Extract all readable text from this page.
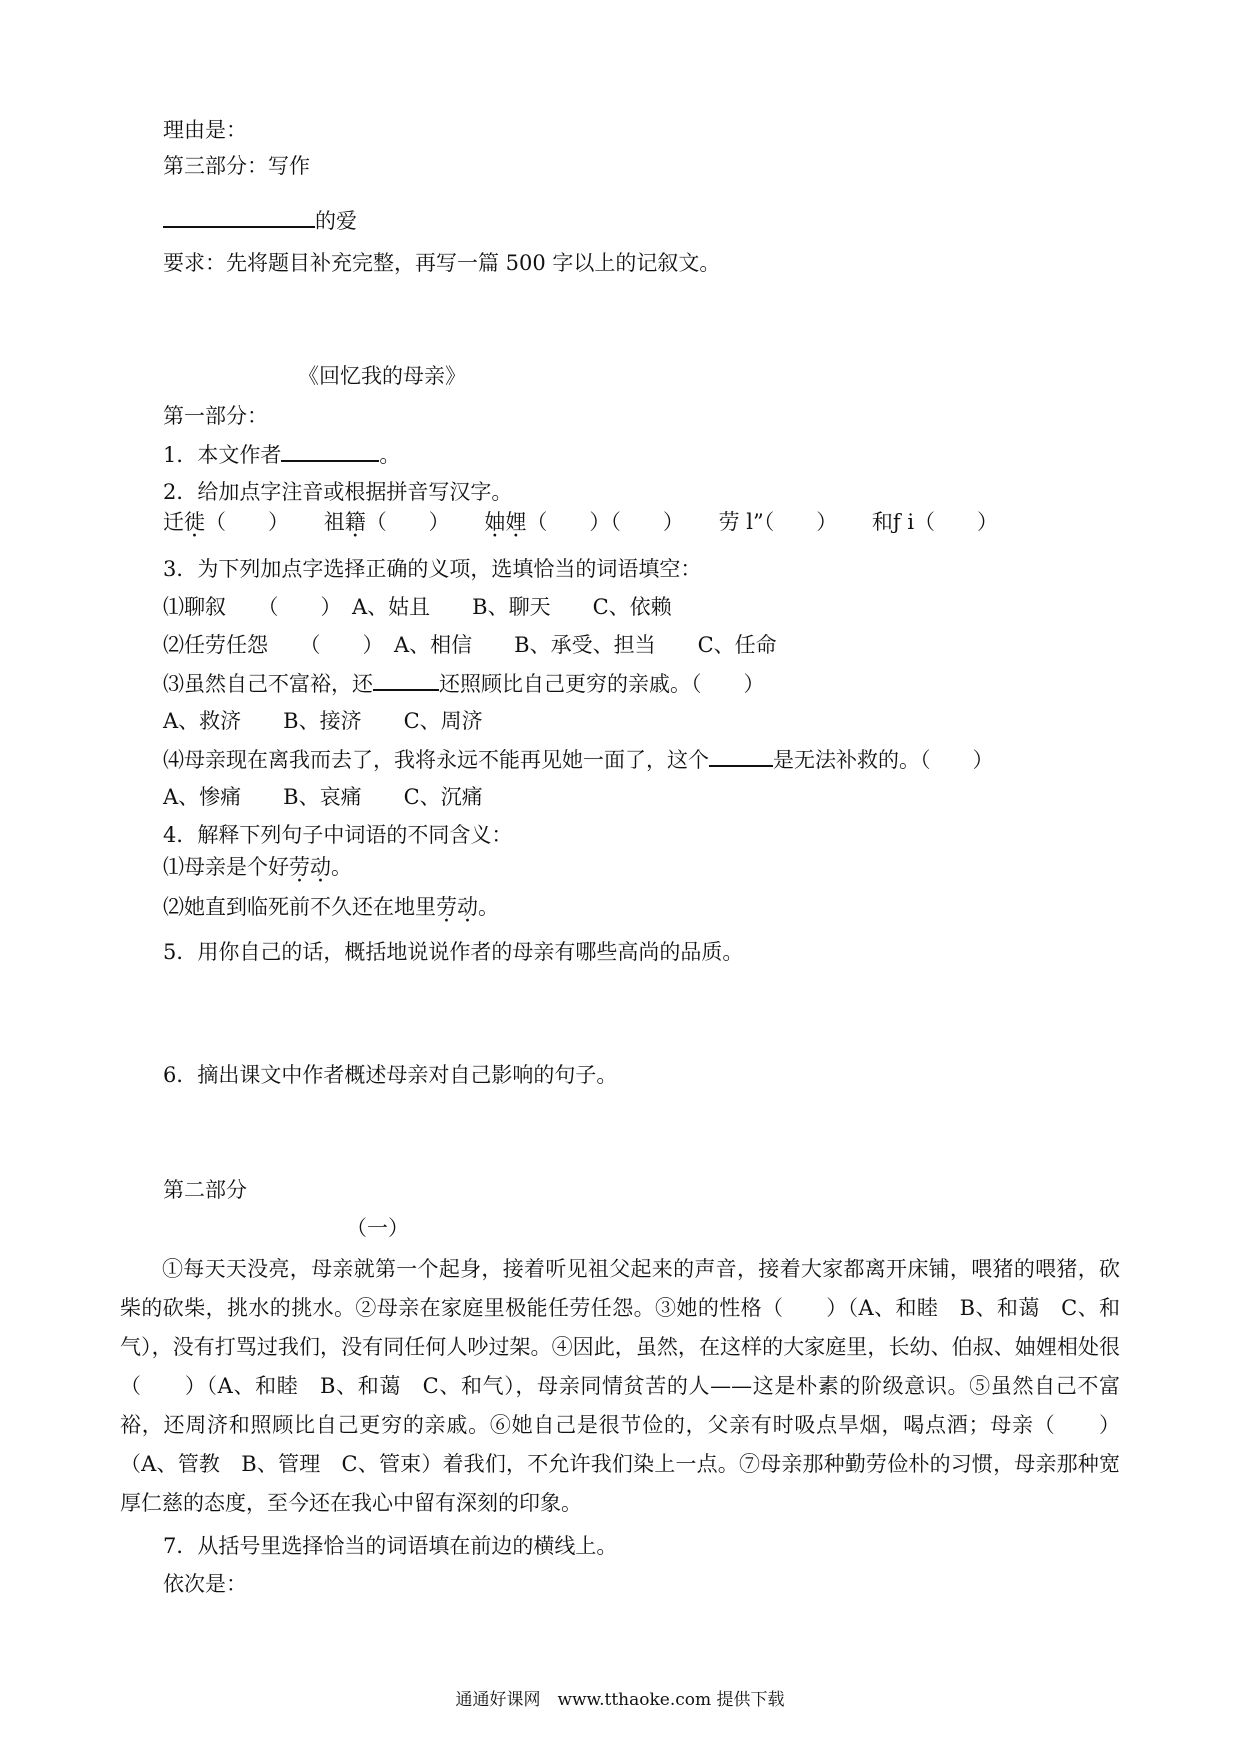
理由是：
第三部分：写作
的爱
要求：先将题目补充完整，再写一篇 500 字以上的记叙文。
《回忆我的母亲》
第一部分：
1．本文作者	。
2．给加点字注音或根据拼音写汉字。
迁徙（　　） 祖籍（　　） 妯娌（　　）（　　） 劳 l”（　　） 和ƒ i（　　）
3．为下列加点字选择正确的义项，选填恰当的词语填空：
⑴聊叙　　（　　）　A、姑且　　B、聊天　　C、依赖
⑵任劳任怨　　（　　）　A、相信　　B、承受、担当　　C、任命
⑶虽然自己不富裕，还	还照顾比自己更穷的亲戚。（　　）
A、救济　　B、接济　　C、周济
⑷母亲现在离我而去了，我将永远不能再见她一面了，这个	是无法补救的。（　　）
A、惨痛　　B、哀痛　　C、沉痛
4．解释下列句子中词语的不同含义：
⑴母亲是个好劳动。
⑵她直到临死前不久还在地里劳动。
5．用你自己的话，概括地说说作者的母亲有哪些高尚的品质。
6．摘出课文中作者概述母亲对自己影响的句子。
第二部分
（一）

①每天天没亮，母亲就第一个起身，接着听见祖父起来的声音，接着大家都离开床铺，喂猪的喂猪，砍柴的砍柴，挑水的挑水。②母亲在家庭里极能任劳任怨。③她的性格（　　）（A、和睦　B、和蔼　C、和气），没有打骂过我们，没有同任何人吵过架。④因此，虽然，在这样的大家庭里，长幼、伯叔、妯娌相处很（　　）（A、和睦　B、和蔼　C、和气），母亲同情贫苦的人——这是朴素的阶级意识。⑤虽然自己不富裕，还周济和照顾比自己更穷的亲戚。⑥她自己是很节俭的，父亲有时吸点旱烟，喝点酒；母亲（　　）（A、管教　B、管理　C、管束）着我们，不允许我们染上一点。⑦母亲那种勤劳俭朴的习惯，母亲那种宽厚仁慈的态度，至今还在我心中留有深刻的印象。

7．从括号里选择恰当的词语填在前边的横线上。
依次是：
通通好课网　www.tthaoke.com 提供下载
